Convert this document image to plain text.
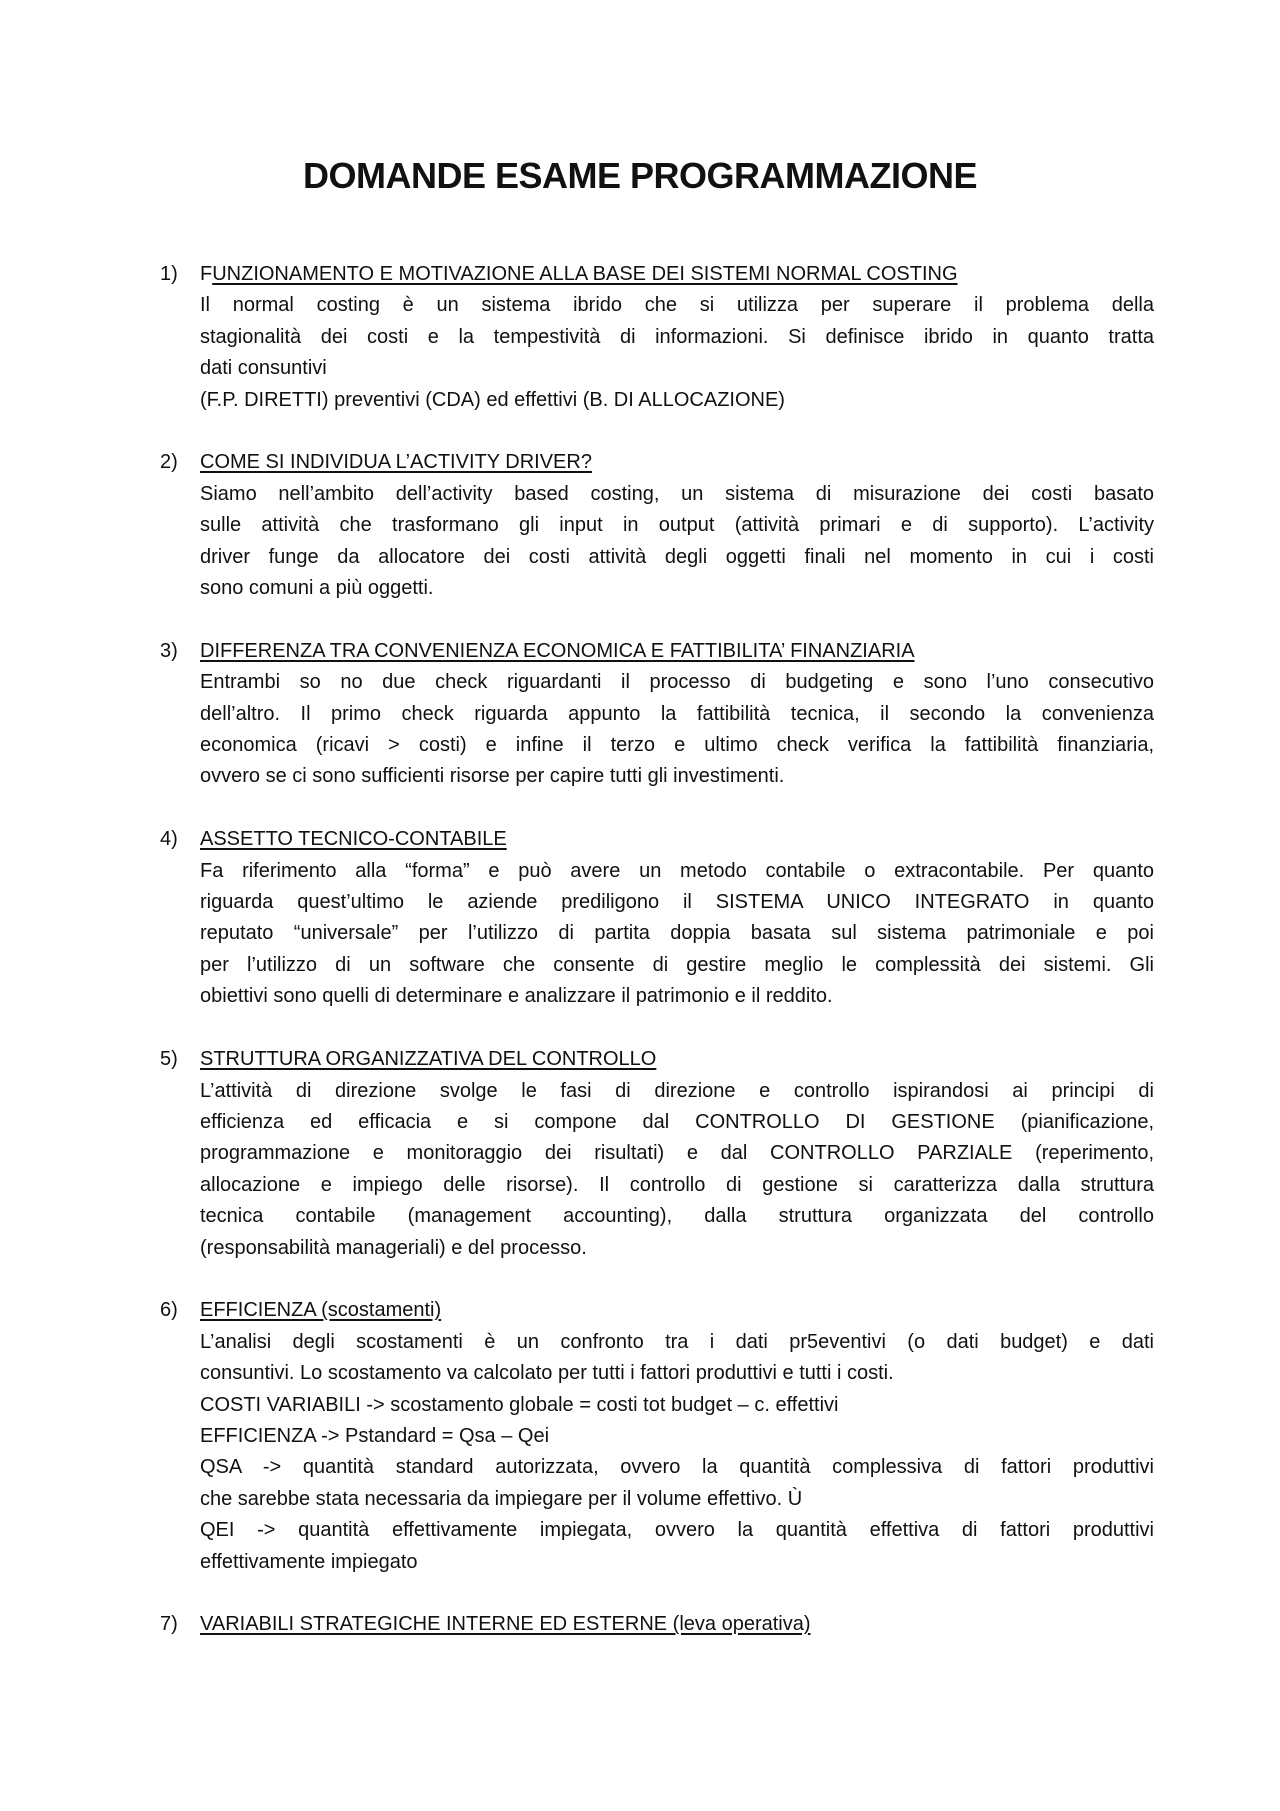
DOMANDE ESAME PROGRAMMAZIONE
1) FUNZIONAMENTO E MOTIVAZIONE ALLA BASE DEI SISTEMI NORMAL COSTING
Il normal costing è un sistema ibrido che si utilizza per superare il problema della
stagionalità dei costi e la tempestività di informazioni. Si definisce ibrido in quanto tratta
dati consuntivi
(F.P. DIRETTI) preventivi (CDA) ed effettivi (B. DI ALLOCAZIONE)
2) COME SI INDIVIDUA L’ACTIVITY DRIVER?
Siamo nell’ambito dell’activity based costing, un sistema di misurazione dei costi basato
sulle attività che trasformano gli input in output (attività primari e di supporto). L’activity
driver funge da allocatore dei costi attività degli oggetti finali nel momento in cui i costi
sono comuni a più oggetti.
3) DIFFERENZA TRA CONVENIENZA ECONOMICA E FATTIBILITA’ FINANZIARIA
Entrambi so no due check riguardanti il processo di budgeting e sono l’uno consecutivo
dell’altro. Il primo check riguarda appunto la fattibilità tecnica, il secondo la convenienza
economica (ricavi > costi) e infine il terzo e ultimo check verifica la fattibilità finanziaria,
ovvero se ci sono sufficienti risorse per capire tutti gli investimenti.
4) ASSETTO TECNICO-CONTABILE
Fa riferimento alla “forma” e può avere un metodo contabile o extracontabile. Per quanto
riguarda quest’ultimo le aziende prediligono il SISTEMA UNICO INTEGRATO in quanto
reputato “universale” per l’utilizzo di partita doppia basata sul sistema patrimoniale e poi
per l’utilizzo di un software che consente di gestire meglio le complessità dei sistemi. Gli
obiettivi sono quelli di determinare e analizzare il patrimonio e il reddito.
5) STRUTTURA ORGANIZZATIVA DEL CONTROLLO
L’attività di direzione svolge le fasi di direzione e controllo ispirandosi ai principi di
efficienza ed efficacia e si compone dal CONTROLLO DI GESTIONE (pianificazione,
programmazione e monitoraggio dei risultati) e dal CONTROLLO PARZIALE (reperimento,
allocazione e impiego delle risorse). Il controllo di gestione si caratterizza dalla struttura
tecnica contabile (management accounting), dalla struttura organizzata del controllo
(responsabilità manageriali) e del processo.
6) EFFICIENZA (scostamenti)
L’analisi degli scostamenti è un confronto tra i dati pr5eventivi (o dati budget) e dati
consuntivi. Lo scostamento va calcolato per tutti i fattori produttivi e tutti i costi.
COSTI VARIABILI -> scostamento globale = costi tot budget – c. effettivi
EFFICIENZA -> Pstandard = Qsa – Qei
QSA -> quantità standard autorizzata, ovvero la quantità complessiva di fattori produttivi
che sarebbe stata necessaria da impiegare per il volume effettivo. Ù
QEI -> quantità effettivamente impiegata, ovvero la quantità effettiva di fattori produttivi
effettivamente impiegato
7) VARIABILI STRATEGICHE INTERNE ED ESTERNE (leva operativa)
